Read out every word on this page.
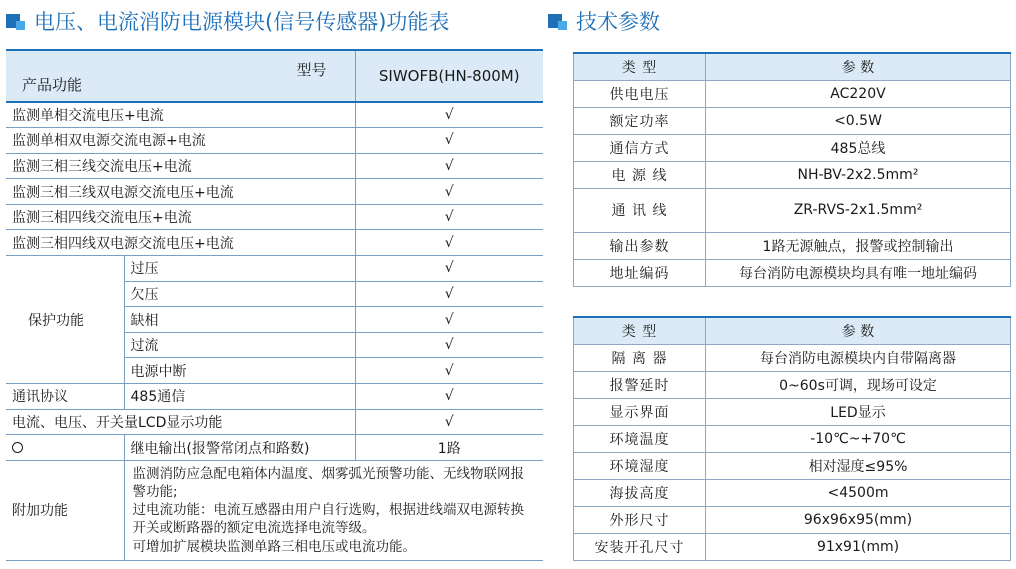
电压、电流消防电源模块(信号传感器)功能表	技术参数
型号
产品功能		SIWOFB(HN-800M)
监测单相交流电压+电流		√
监测单相双电源交流电源+电流		√
监测三相三线交流电压+电流		√
监测三相三线双电源交流电压+电流		√
监测三相四线交流电压+电流		√
监测三相四线双电源交流电压+电流		√
保护功能	过压	√
	欠压	√
	缺相	√
	过流	√
	电源中断	√
通讯协议	485通信	√
电流、电压、开关量LCD显示功能		√
	继电输出(报警常闭点和路数)	1路
附加功能	监测消防应急配电箱体内温度、烟雾弧光预警功能、无线物联网报警功能;
过电流功能：电流互感器由用户自行选购，根据进线端双电源转换开关或断路器的额定电流选择电流等级。
可增加扩展模块监测单路三相电压或电流功能。	
类 型	参 数
供电电压	AC220V
额定功率	<0.5W
通信方式	485总线
电 源 线	NH-BV-2x2.5mm²
通 讯 线	ZR-RVS-2x1.5mm²
输出参数	1路无源触点，报警或控制输出
地址编码	每台消防电源模块均具有唯一地址编码
类 型	参 数
隔 离 器	每台消防电源模块内自带隔离器
报警延时	0~60s可调，现场可设定
显示界面	LED显示
环境温度	-10℃~+70℃
环境湿度	相对湿度≤95%
海拔高度	<4500m
外形尺寸	96x96x95(mm)
安装开孔尺寸	91x91(mm)
